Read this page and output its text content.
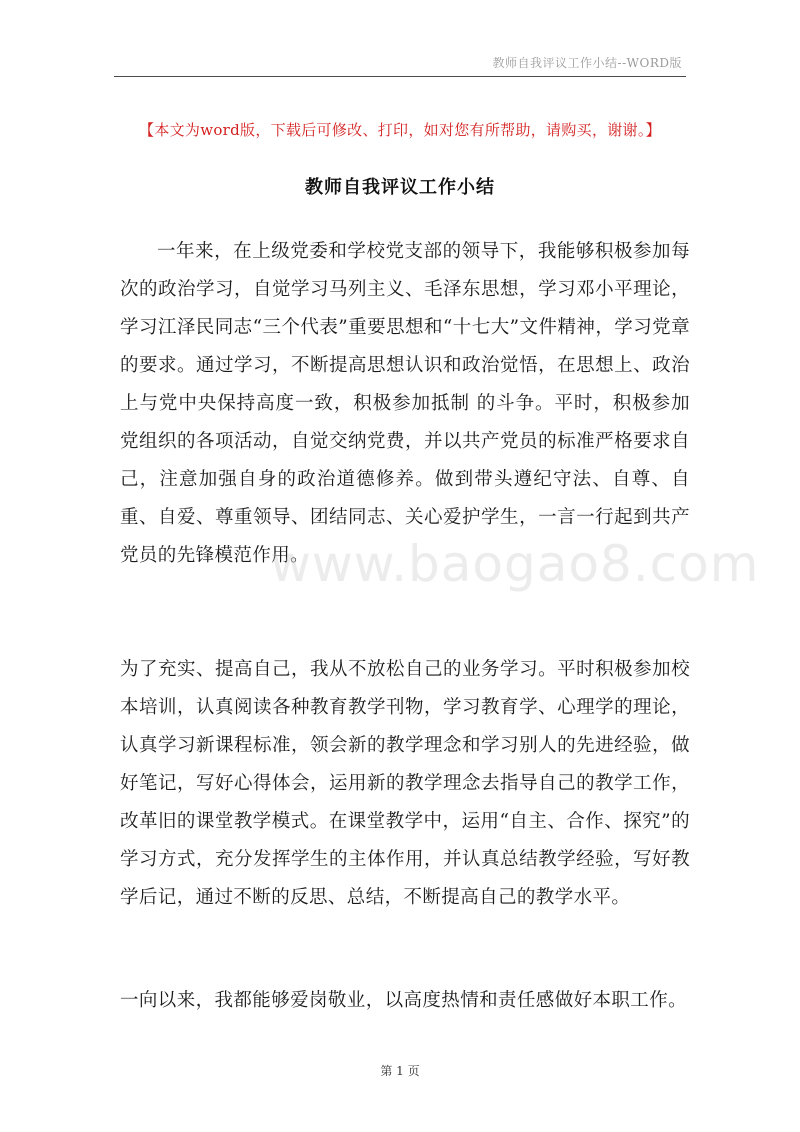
教师自我评议工作小结--WORD版
【本文为word版，下载后可修改、打印，如对您有所帮助，请购买，谢谢。】
教师自我评议工作小结
一年来，在上级党委和学校党支部的领导下，我能够积极参加每次的政治学习，自觉学习马列主义、毛泽东思想，学习邓小平理论，学习江泽民同志“三个代表”重要思想和“十七大”文件精神，学习党章的要求。通过学习，不断提高思想认识和政治觉悟，在思想上、政治上与党中央保持高度一致，积极参加抵制 的斗争。平时，积极参加党组织的各项活动，自觉交纳党费，并以共产党员的标准严格要求自己，注意加强自身的政治道德修养。做到带头遵纪守法、自尊、自重、自爱、尊重领导、团结同志、关心爱护学生，一言一行起到共产党员的先锋模范作用。
为了充实、提高自己，我从不放松自己的业务学习。平时积极参加校本培训，认真阅读各种教育教学刊物，学习教育学、心理学的理论，认真学习新课程标准，领会新的教学理念和学习别人的先进经验，做好笔记，写好心得体会，运用新的教学理念去指导自己的教学工作，改革旧的课堂教学模式。在课堂教学中，运用“自主、合作、探究”的学习方式，充分发挥学生的主体作用，并认真总结教学经验，写好教学后记，通过不断的反思、总结，不断提高自己的教学水平。
一向以来，我都能够爱岗敬业，以高度热情和责任感做好本职工作。
www.baogao8.com
第 1 页
